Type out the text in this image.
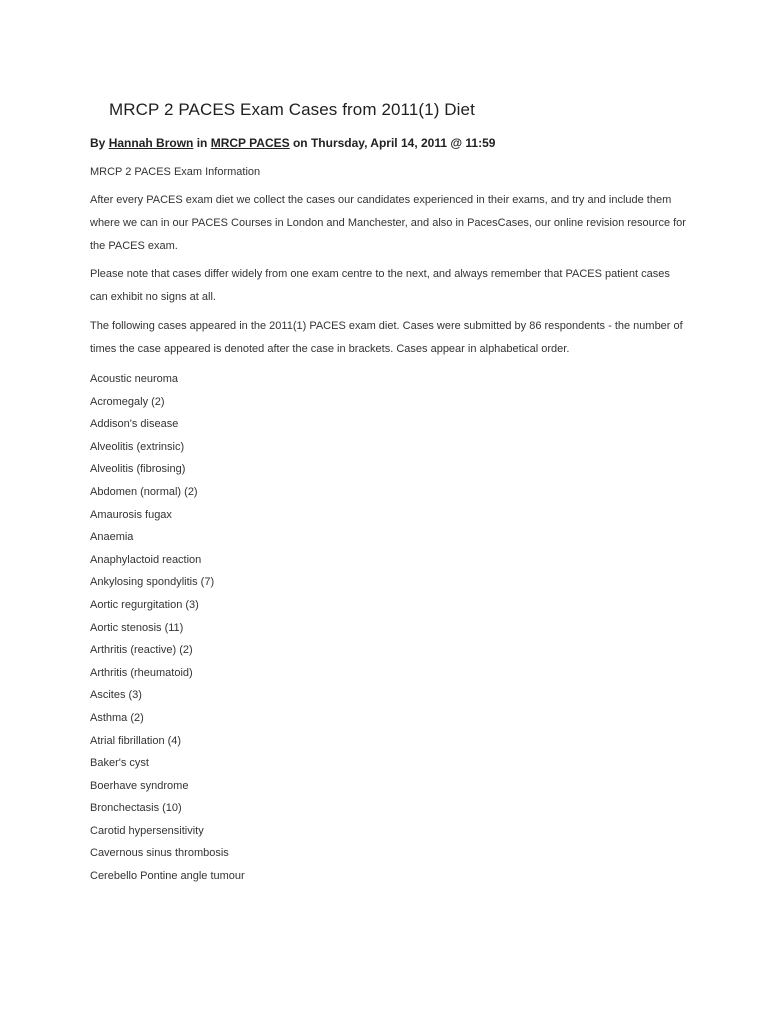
MRCP 2 PACES Exam Cases from 2011(1) Diet
By Hannah Brown in MRCP PACES on Thursday, April 14, 2011 @ 11:59

MRCP 2 PACES Exam Information

After every PACES exam diet we collect the cases our candidates experienced in their exams, and try and include them where we can in our PACES Courses in London and Manchester, and also in PacesCases, our online revision resource for the PACES exam.

Please note that cases differ widely from one exam centre to the next, and always remember that PACES patient cases can exhibit no signs at all.

The following cases appeared in the 2011(1) PACES exam diet. Cases were submitted by 86 respondents - the number of times the case appeared is denoted after the case in brackets. Cases appear in alphabetical order.

Acoustic neuroma
Acromegaly (2)
Addison's disease
Alveolitis (extrinsic)
Alveolitis (fibrosing)
Abdomen (normal) (2)
Amaurosis fugax
Anaemia
Anaphylactoid reaction
Ankylosing spondylitis (7)
Aortic regurgitation (3)
Aortic stenosis (11)
Arthritis (reactive) (2)
Arthritis (rheumatoid)
Ascites (3)
Asthma (2)
Atrial fibrillation (4)
Baker's cyst
Boerhave syndrome
Bronchectasis (10)
Carotid hypersensitivity
Cavernous sinus thrombosis
Cerebello Pontine angle tumour
